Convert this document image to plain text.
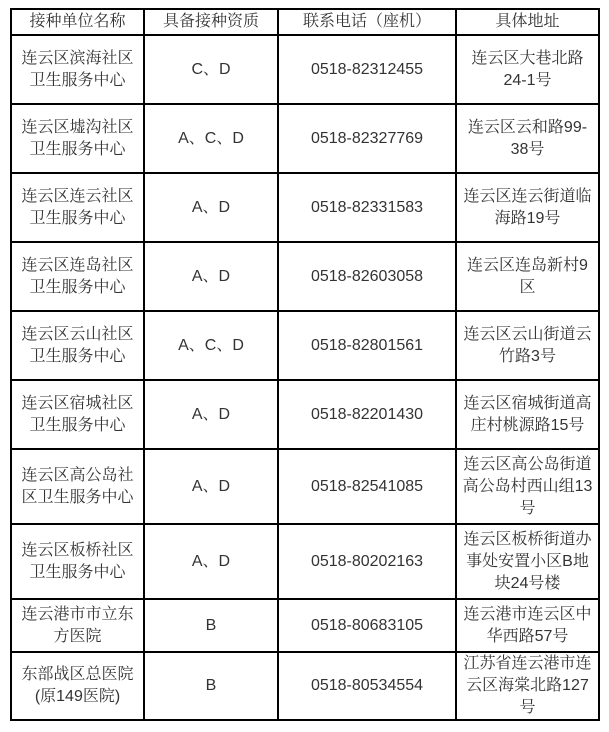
接种单位名称	具备接种资质	联系电话（座机）	具体地址
连云区滨海社区卫生服务中心	C、D	0518-82312455	连云区大巷北路24-1号
连云区墟沟社区卫生服务中心	A、C、D	0518-82327769	连云区云和路99-38号
连云区连云社区卫生服务中心	A、D	0518-82331583	连云区连云街道临海路19号
连云区连岛社区卫生服务中心	A、D	0518-82603058	连云区连岛新村9区
连云区云山社区卫生服务中心	A、C、D	0518-82801561	连云区云山街道云竹路3号
连云区宿城社区卫生服务中心	A、D	0518-82201430	连云区宿城街道高庄村桃源路15号
连云区高公岛社区卫生服务中心	A、D	0518-82541085	连云区高公岛街道高公岛村西山组13号
连云区板桥社区卫生服务中心	A、D	0518-80202163	连云区板桥街道办事处安置小区B地块24号楼
连云港市市立东方医院	B	0518-80683105	连云港市连云区中华西路57号
东部战区总医院(原149医院)	B	0518-80534554	江苏省连云港市连云区海棠北路127号
